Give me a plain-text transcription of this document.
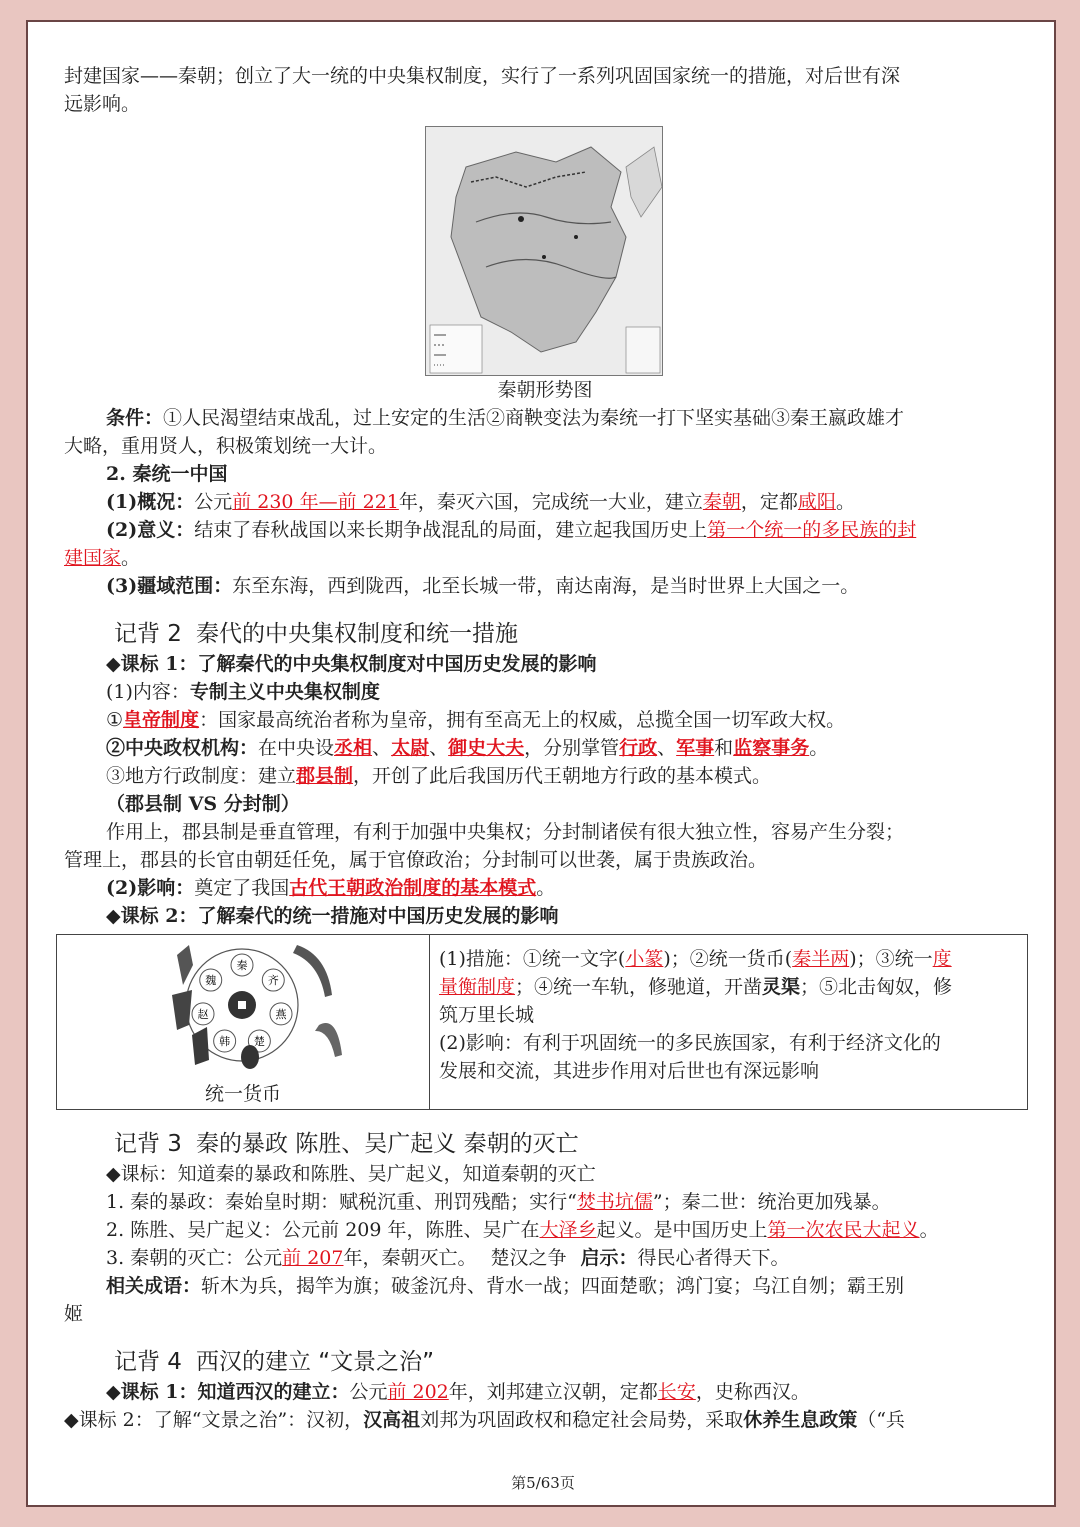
封建国家——秦朝；创立了大一统的中央集权制度，实行了一系列巩固国家统一的措施，对后世有深
远影响。
秦朝形势图
条件：①人民渴望结束战乱，过上安定的生活②商鞅变法为秦统一打下坚实基础③秦王嬴政雄才
大略，重用贤人，积极策划统一大计。
2. 秦统一中国
(1)概况：公元前 230 年—前 221年，秦灭六国，完成统一大业，建立秦朝，定都咸阳。
(2)意义：结束了春秋战国以来长期争战混乱的局面，建立起我国历史上第一个统一的多民族的封
建国家。
(3)疆域范围：东至东海，西到陇西，北至长城一带，南达南海，是当时世界上大国之一。
记背 2 秦代的中央集权制度和统一措施
◆课标 1：了解秦代的中央集权制度对中国历史发展的影响
(1)内容：专制主义中央集权制度
①皇帝制度：国家最高统治者称为皇帝，拥有至高无上的权威，总揽全国一切军政大权。
②中央政权机构：在中央设丞相、太尉、御史大夫，分别掌管行政、军事和监察事务。
③地方行政制度：建立郡县制，开创了此后我国历代王朝地方行政的基本模式。
（郡县制 VS 分封制）
作用上，郡县制是垂直管理，有利于加强中央集权；分封制诸侯有很大独立性，容易产生分裂；
管理上，郡县的长官由朝廷任免，属于官僚政治；分封制可以世袭，属于贵族政治。
(2)影响：奠定了我国古代王朝政治制度的基本模式。
◆课标 2：了解秦代的统一措施对中国历史发展的影响
秦
齐
燕
楚
韩
赵
魏
统一货币
(1)措施：①统一文字(小篆)；②统一货币(秦半两)；③统一度
量衡制度；④统一车轨，修驰道，开凿灵渠；⑤北击匈奴，修
筑万里长城
(2)影响：有利于巩固统一的多民族国家，有利于经济文化的
发展和交流，其进步作用对后世也有深远影响
记背 3 秦的暴政 陈胜、吴广起义 秦朝的灭亡
◆课标：知道秦的暴政和陈胜、吴广起义，知道秦朝的灭亡
1. 秦的暴政：秦始皇时期：赋税沉重、刑罚残酷；实行“焚书坑儒”；秦二世：统治更加残暴。
2. 陈胜、吴广起义：公元前 209 年，陈胜、吴广在大泽乡起义。是中国历史上第一次农民大起义。
3. 秦朝的灭亡：公元前 207年，秦朝灭亡。 楚汉之争 启示：得民心者得天下。
相关成语：斩木为兵，揭竿为旗；破釜沉舟、背水一战；四面楚歌；鸿门宴；乌江自刎；霸王别
姬
记背 4 西汉的建立 “文景之治”
◆课标 1：知道西汉的建立：公元前 202年，刘邦建立汉朝，定都长安，史称西汉。
◆课标 2：了解“文景之治”：汉初，汉高祖刘邦为巩固政权和稳定社会局势，采取休养生息政策（“兵
第5/63页
